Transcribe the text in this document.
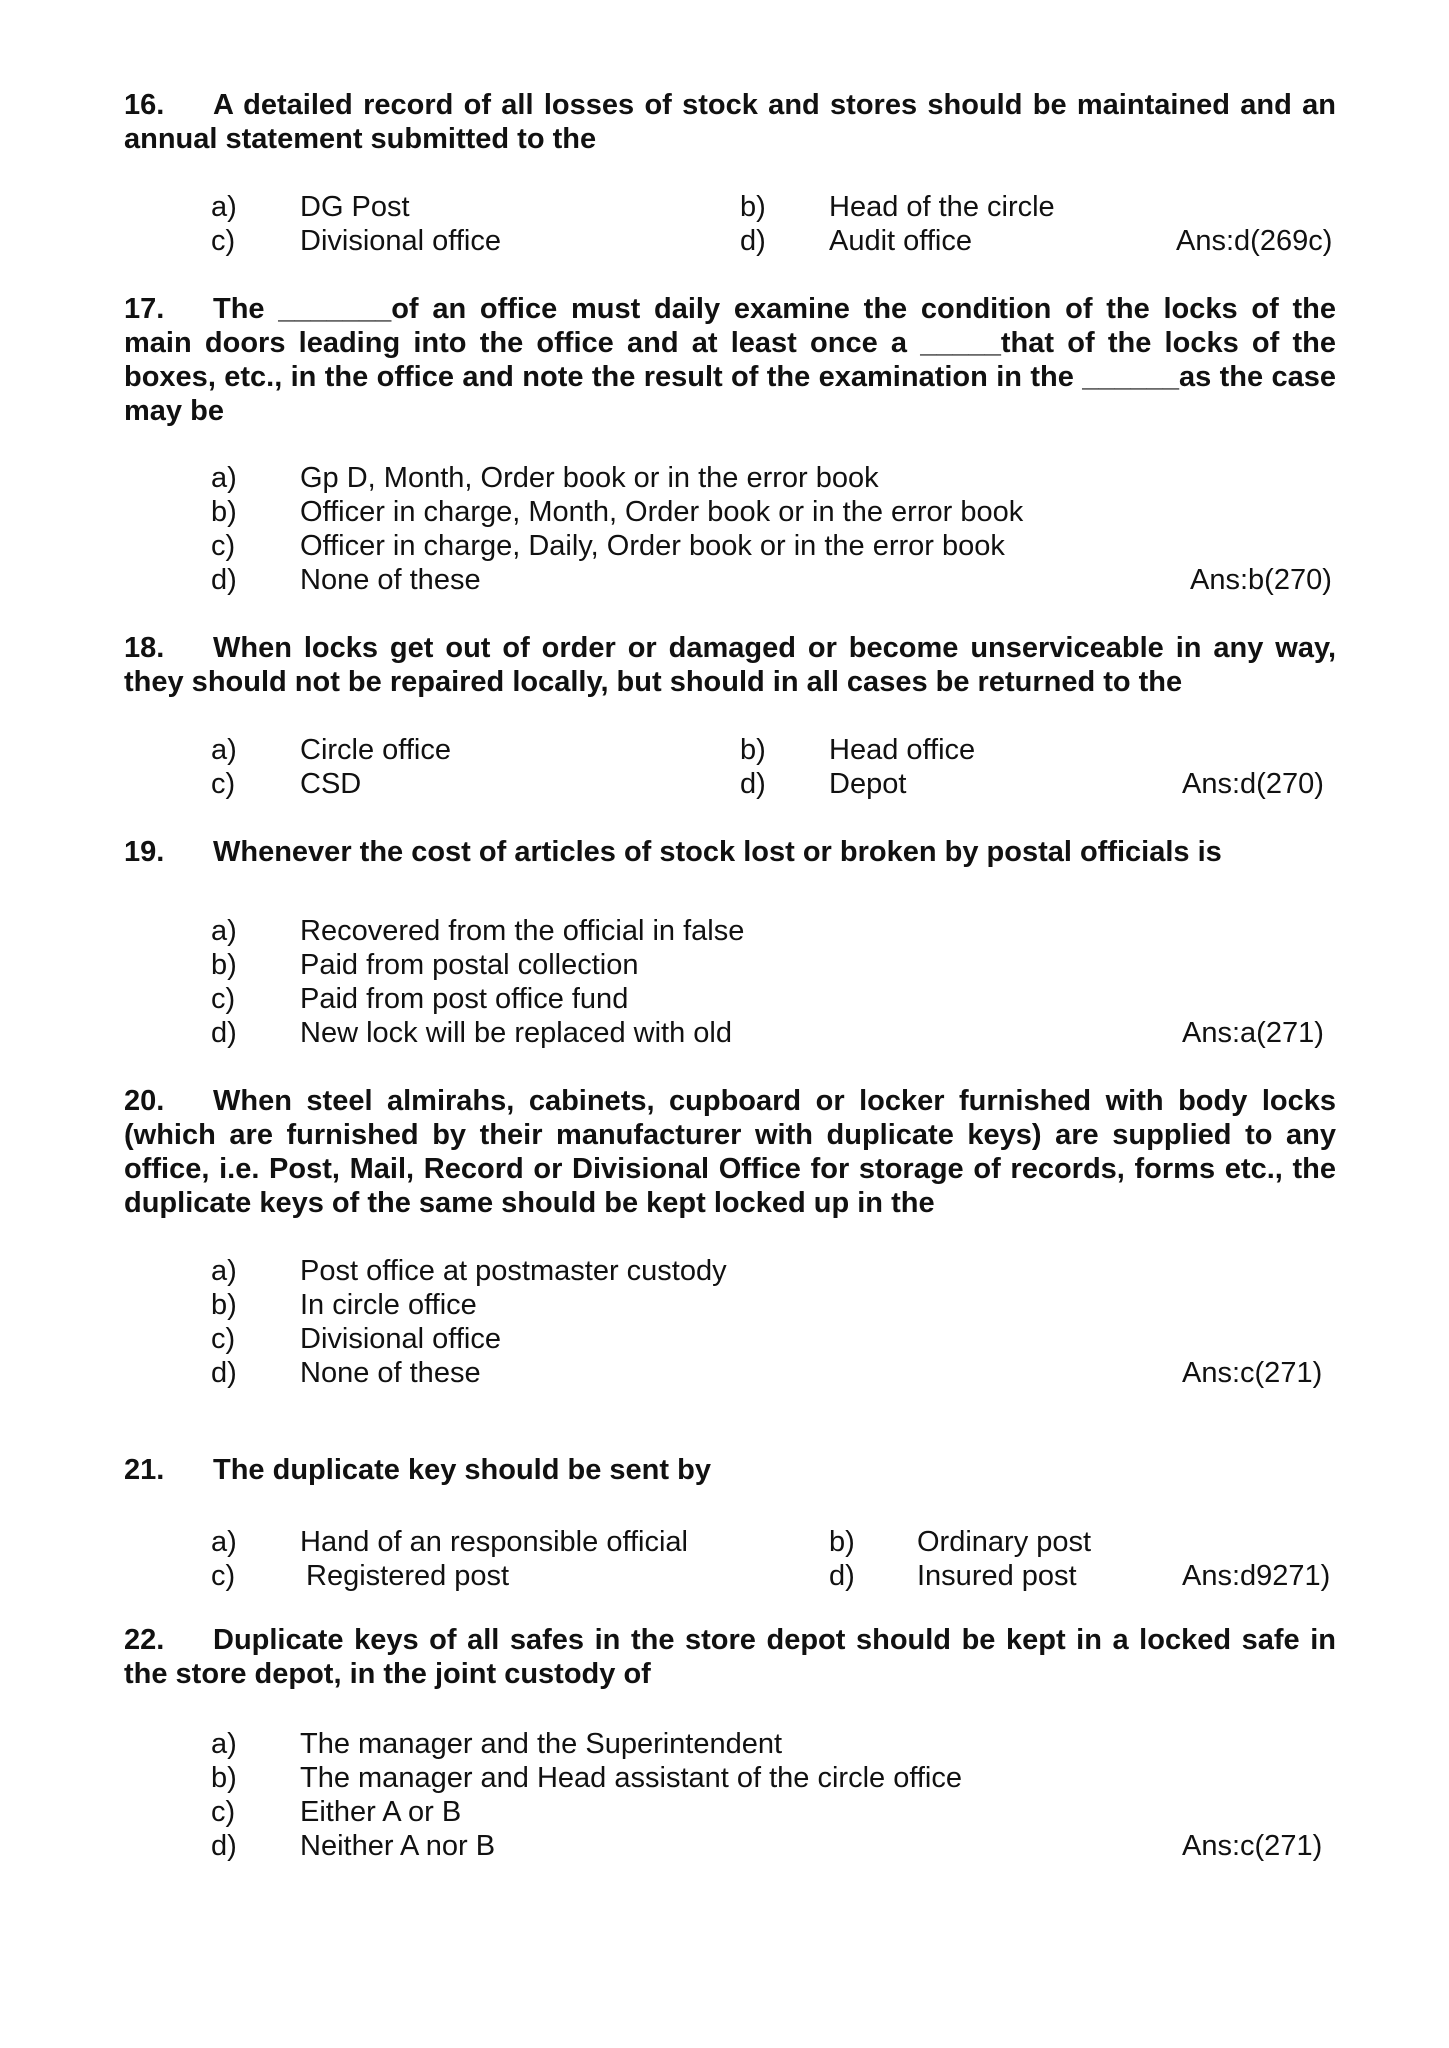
16. A detailed record of all losses of stock and stores should be maintained and an annual statement submitted to the
a) DG Post	b) Head of the circle
c) Divisional office	d) Audit office	Ans:d(269c)
17. The _______of an office must daily examine the condition of the locks of the main doors leading into the office and at least once a _____that of the locks of the boxes, etc., in the office and note the result of the examination in the ______as the case may be
a) Gp D, Month, Order book or in the error book
b) Officer in charge, Month, Order book or in the error book
c) Officer in charge, Daily, Order book or in the error book
d) None of these	Ans:b(270)
18. When locks get out of order or damaged or become unserviceable in any way, they should not be repaired locally, but should in all cases be returned to the
a) Circle office	b) Head office
c) CSD	d) Depot	Ans:d(270)
19. Whenever the cost of articles of stock lost or broken by postal officials is
a) Recovered from the official in false
b) Paid from postal collection
c) Paid from post office fund
d) New lock will be replaced with old	Ans:a(271)
20. When steel almirahs, cabinets, cupboard or locker furnished with body locks (which are furnished by their manufacturer with duplicate keys) are supplied to any office, i.e. Post, Mail, Record or Divisional Office for storage of records, forms etc., the duplicate keys of the same should be kept locked up in the
a) Post office at postmaster custody
b) In circle office
c) Divisional office
d) None of these	Ans:c(271)
21. The duplicate key should be sent by
a) Hand of an responsible official	b) Ordinary post
c) Registered post	d) Insured post	Ans:d9271)
22. Duplicate keys of all safes in the store depot should be kept in a locked safe in the store depot, in the joint custody of
a) The manager and the Superintendent
b) The manager and Head assistant of the circle office
c) Either A or B
d) Neither A nor B	Ans:c(271)
